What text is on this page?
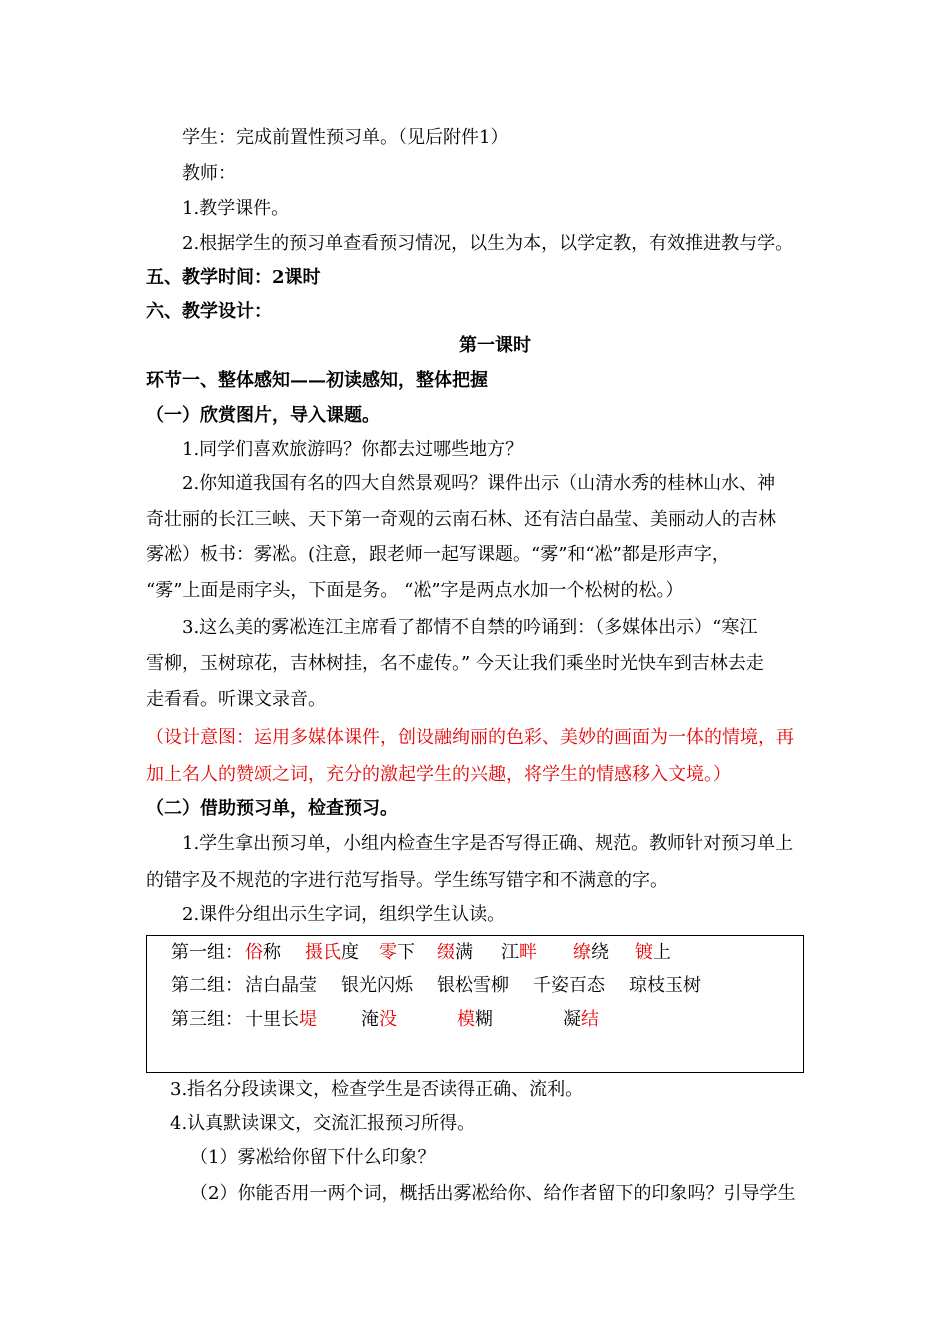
学生：完成前置性预习单。（见后附件1）
教师：
1.教学课件。
2.根据学生的预习单查看预习情况，以生为本，以学定教，有效推进教与学。
五、教学时间：2课时
六、教学设计：
第一课时
环节一、整体感知——初读感知，整体把握
（一）欣赏图片，导入课题。
1.同学们喜欢旅游吗？你都去过哪些地方？
2.你知道我国有名的四大自然景观吗？课件出示（山清水秀的桂林山水、神
奇壮丽的长江三峡、天下第一奇观的云南石林、还有洁白晶莹、美丽动人的吉林
雾凇）板书：雾凇。(注意，跟老师一起写课题。“雾”和“凇”都是形声字，
“雾”上面是雨字头，下面是务。 “凇”字是两点水加一个松树的松。）
3.这么美的雾凇连江主席看了都情不自禁的吟诵到：（多媒体出示）“寒江
雪柳，玉树琼花，吉林树挂，名不虚传。” 今天让我们乘坐时光快车到吉林去走
走看看。听课文录音。
（设计意图：运用多媒体课件，创设融绚丽的色彩、美妙的画面为一体的情境，再
加上名人的赞颂之词，充分的激起学生的兴趣，将学生的情感移入文境。）
（二）借助预习单，检查预习。
1.学生拿出预习单，小组内检查生字是否写得正确、规范。教师针对预习单上
的错字及不规范的字进行范写指导。学生练写错字和不满意的字。
2.课件分组出示生字词，组织学生认读。
第一组： 俗称 摄氏度 零下 缀满 江畔 缭绕 镀上
第二组： 洁白晶莹 银光闪烁 银松雪柳 千姿百态 琼枝玉树
第三组： 十里长堤 淹没	模糊	凝结
3.指名分段读课文，检查学生是否读得正确、流利。
4.认真默读课文，交流汇报预习所得。
（1）雾凇给你留下什么印象？
（2）你能否用一两个词，概括出雾凇给你、给作者留下的印象吗？引导学生
